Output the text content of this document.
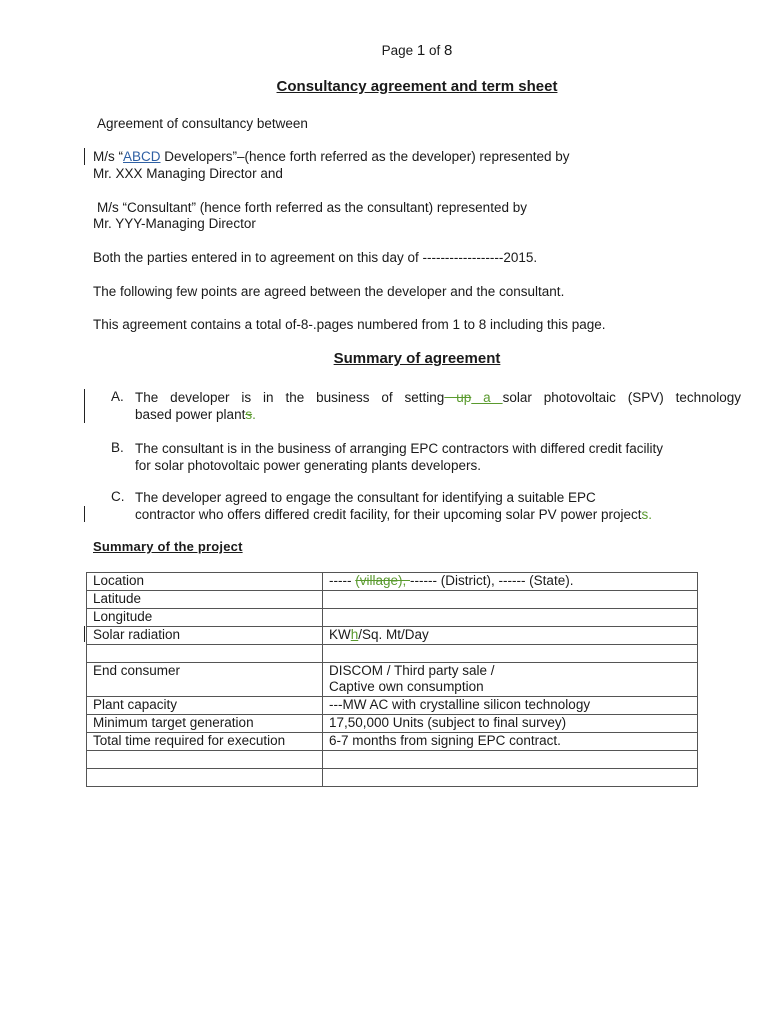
Page 1 of 8
Consultancy agreement and term sheet
Agreement of consultancy between
M/s “ABCD Developers”–(hence forth referred as the developer) represented by
Mr. XXX Managing Director and
M/s “Consultant” (hence forth referred as the consultant) represented by
Mr. YYY-Managing Director
Both the parties entered in to agreement on this day of ------------------2015.
The following few points are agreed between the developer and the consultant.
This agreement contains a total of-8-.pages numbered from 1 to 8 including this page.
Summary of agreement
A. The developer is in the business of setting up a solar photovoltaic (SPV) technology
based power plants.
B. The consultant is in the business of arranging EPC contractors with differed credit facility
for solar photovoltaic power generating plants developers.
C. The developer agreed to engage the consultant for identifying a suitable EPC
contractor who offers differed credit facility, for their upcoming solar PV power projects.
Summary of the project
Location	----- (village), ------ (District), ------ (State).
Latitude	
Longitude	
Solar radiation	KWh/Sq. Mt/Day

End consumer	DISCOM / Third party sale /
Captive own consumption

Plant capacity	---MW AC with crystalline silicon technology
Minimum target generation	17,50,000 Units (subject to final survey)
Total time required for execution	6-7 months from signing EPC contract.
